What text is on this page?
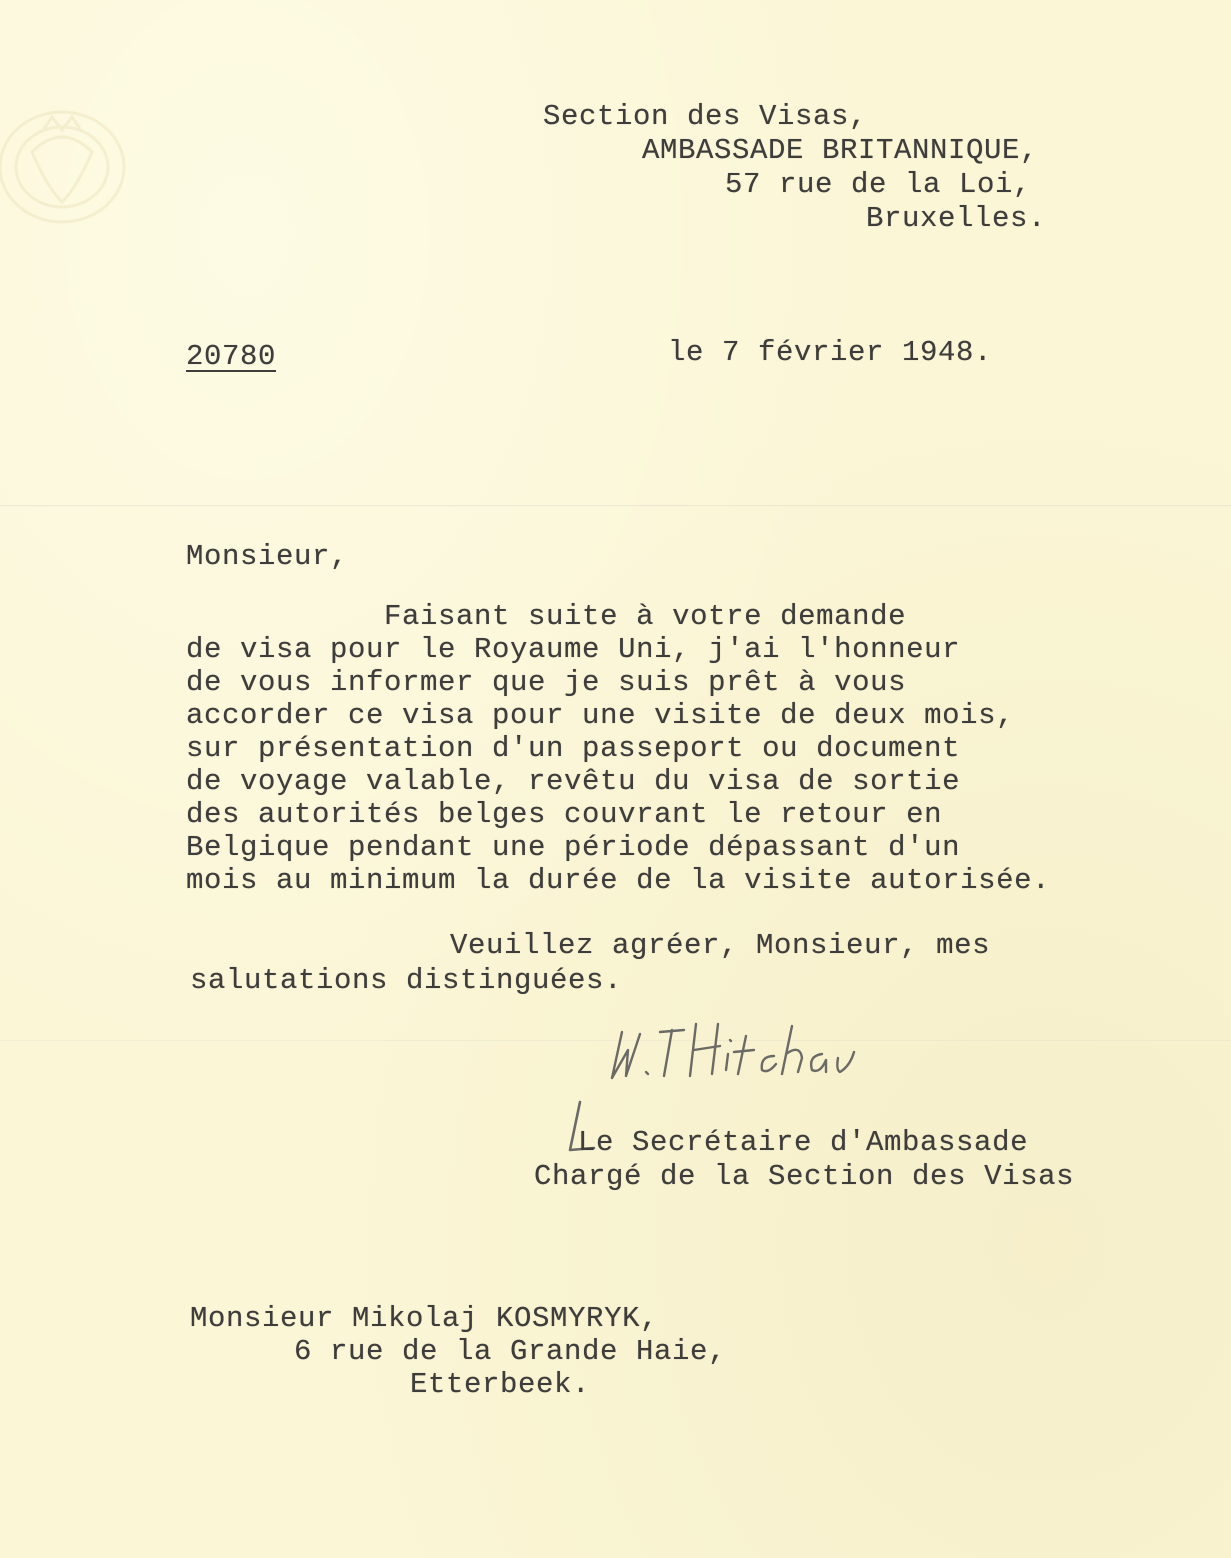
Section des Visas,
AMBASSADE BRITANNIQUE,
57 rue de la Loi,
Bruxelles.
20780	le 7 février 1948.
Monsieur,
Faisant suite à votre demande
de visa pour le Royaume Uni, j'ai l'honneur
de vous informer que je suis prêt à vous
accorder ce visa pour une visite de deux mois,
sur présentation d'un passeport ou document
de voyage valable, revêtu du visa de sortie
des autorités belges couvrant le retour en
Belgique pendant une période dépassant d'un
mois au minimum la durée de la visite autorisée.
Veuillez agréer, Monsieur, mes
salutations distinguées.
Le Secrétaire d'Ambassade
Chargé de la Section des Visas
Monsieur Mikolaj KOSMYRYK,
6 rue de la Grande Haie,
Etterbeek.
